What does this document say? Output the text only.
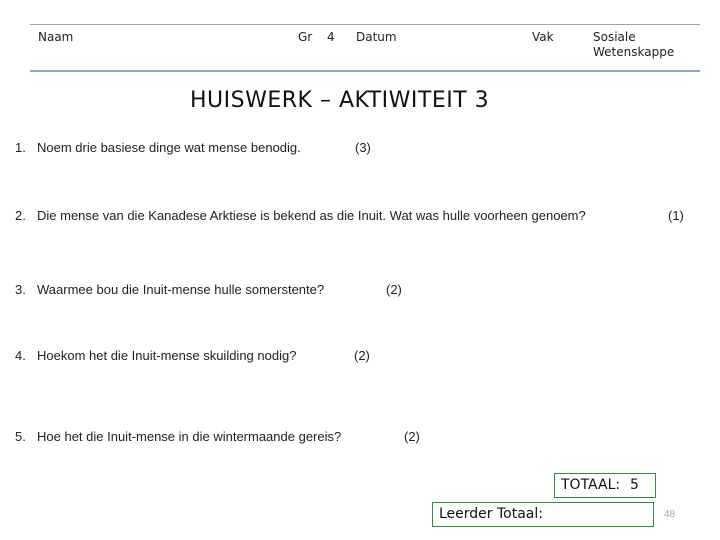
Naam	Gr 4 Datum	Vak	Sosiale
Wetenskappe
HUISWERK – AKTIWITEIT 3
1. Noem drie basiese dinge wat mense benodig.	(3)
2. Die mense van die Kanadese Arktiese is bekend as die Inuit. Wat was hulle voorheen genoem?	(1)
3. Waarmee bou die Inuit-mense hulle somerstente?	(2)
4. Hoekom het die Inuit-mense skuilding nodig?	(2)
5. Hoe het die Inuit-mense in die wintermaande gereis?	(2)
TOTAAL: 5
Leerder Totaal:	48
